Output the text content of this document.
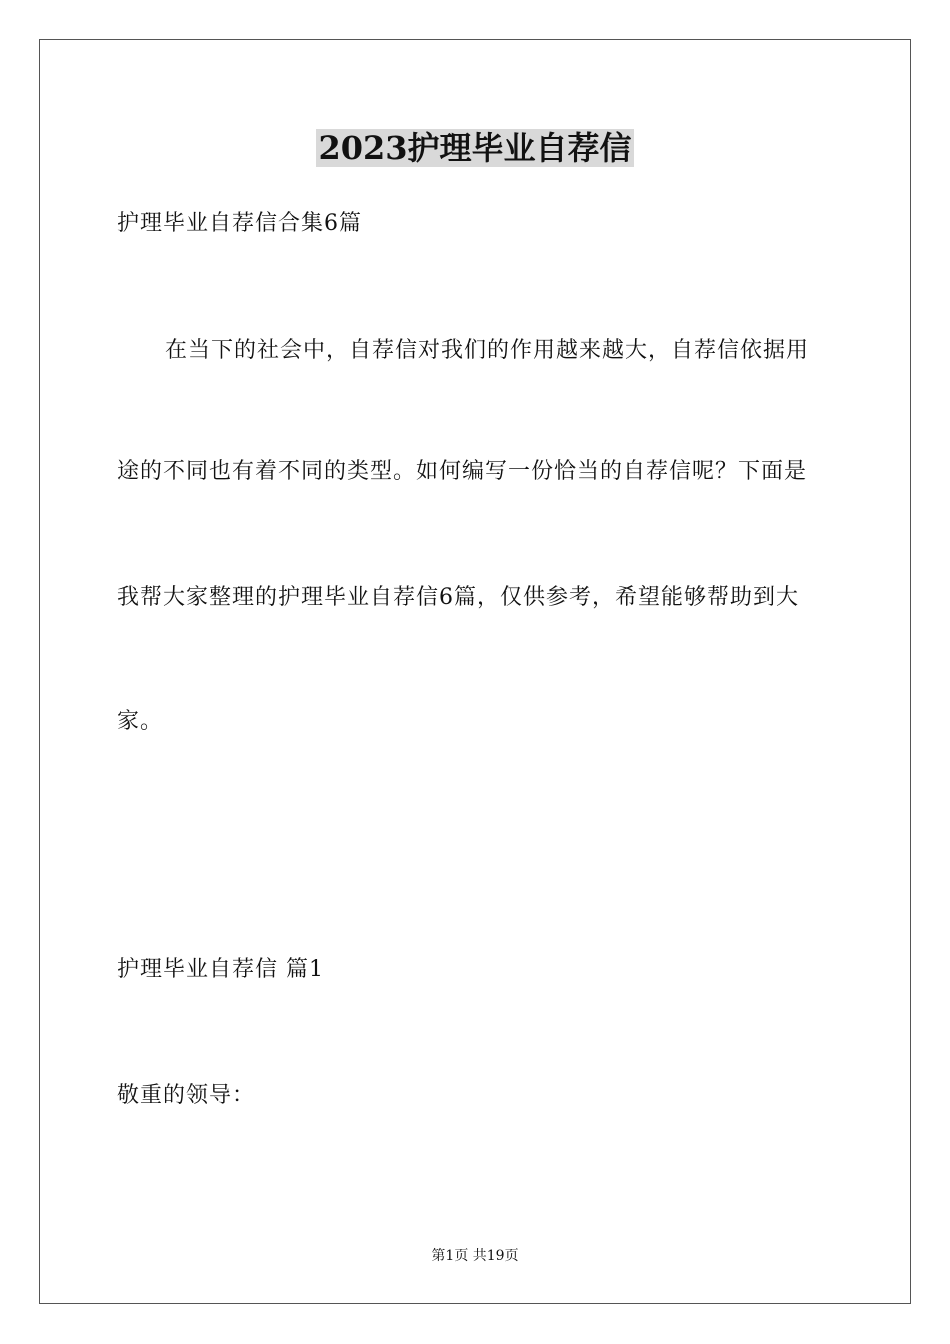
2023护理毕业自荐信
护理毕业自荐信合集6篇
在当下的社会中，自荐信对我们的作用越来越大，自荐信依据用
途的不同也有着不同的类型。如何编写一份恰当的自荐信呢？下面是
我帮大家整理的护理毕业自荐信6篇，仅供参考，希望能够帮助到大
家。
护理毕业自荐信 篇1
敬重的领导：
第1页 共19页
